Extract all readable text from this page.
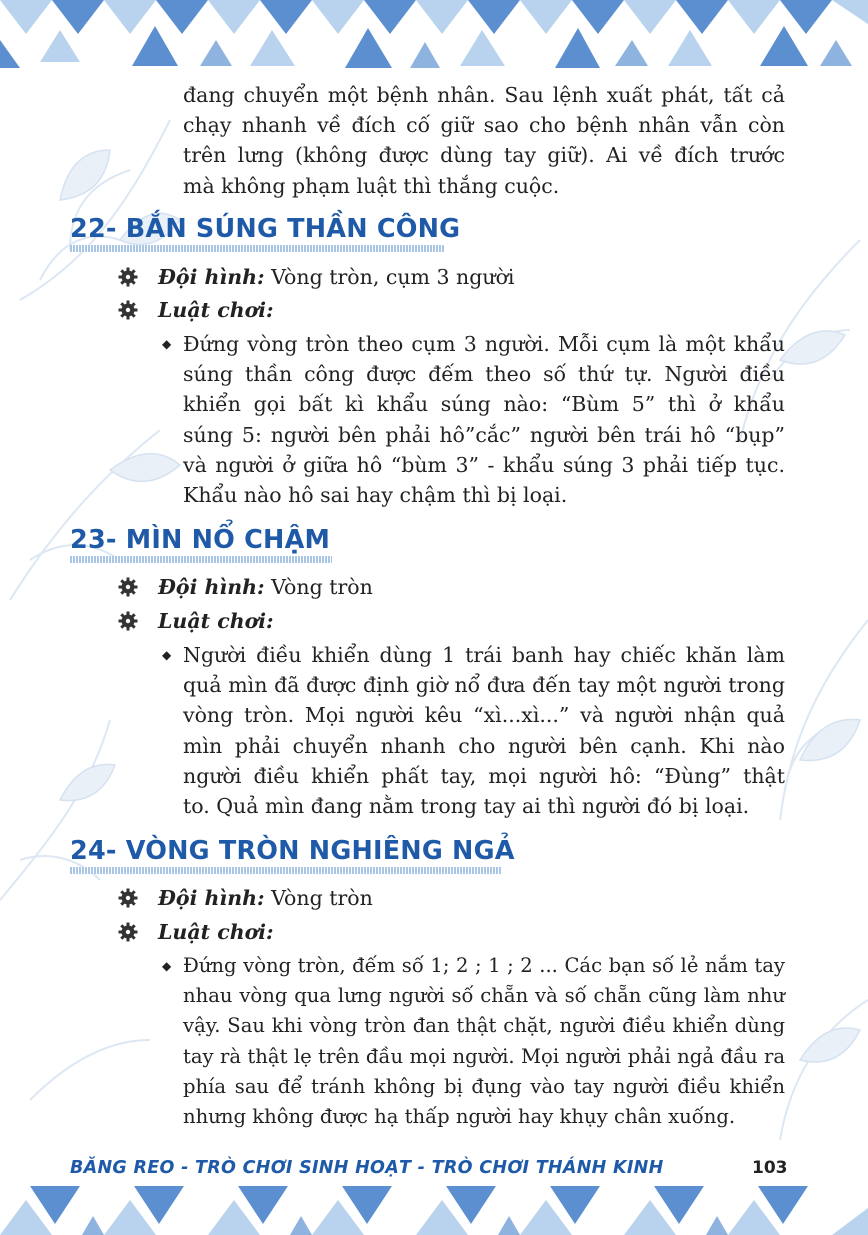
đang chuyển một bệnh nhân. Sau lệnh xuất phát, tất cả
chạy nhanh về đích cố giữ sao cho bệnh nhân vẫn còn
trên lưng (không được dùng tay giữ). Ai về đích trước
mà không phạm luật thì thắng cuộc.
22- BẮN SÚNG THẦN CÔNG
Đội hình: Vòng tròn, cụm 3 người
Luật chơi:
◆ Đứng vòng tròn theo cụm 3 người. Mỗi cụm là một khẩu
súng thần công được đếm theo số thứ tự. Người điều
khiển gọi bất kì khẩu súng nào: “Bùm 5” thì ở khẩu
súng 5: người bên phải hô”cắc” người bên trái hô “bụp”
và người ở giữa hô “bùm 3” - khẩu súng 3 phải tiếp tục.
Khẩu nào hô sai hay chậm thì bị loại.
23- MÌN NỔ CHẬM
Đội hình: Vòng tròn
Luật chơi:
◆ Người điều khiển dùng 1 trái banh hay chiếc khăn làm
quả mìn đã được định giờ nổ đưa đến tay một người trong
vòng tròn. Mọi người kêu “xì...xì...” và người nhận quả
mìn phải chuyển nhanh cho người bên cạnh. Khi nào
người điều khiển phất tay, mọi người hô: “Đùng” thật
to. Quả mìn đang nằm trong tay ai thì người đó bị loại.
24- VÒNG TRÒN NGHIÊNG NGẢ
Đội hình: Vòng tròn
Luật chơi:
◆ Đứng vòng tròn, đếm số 1; 2 ; 1 ; 2 ... Các bạn số lẻ nắm tay
nhau vòng qua lưng người số chẵn và số chẵn cũng làm như
vậy. Sau khi vòng tròn đan thật chặt, người điều khiển dùng
tay rà thật lẹ trên đầu mọi người. Mọi người phải ngả đầu ra
phía sau để tránh không bị đụng vào tay người điều khiển
nhưng không được hạ thấp người hay khụy chân xuống.
BĂNG REO - TRÒ CHƠI SINH HOẠT - TRÒ CHƠI THÁNH KINH	103
